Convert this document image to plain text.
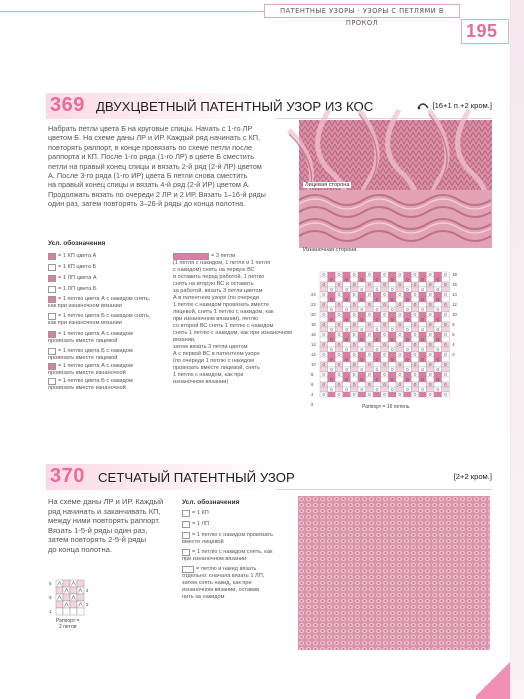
ПАТЕНТНЫЕ УЗОРЫ · УЗОРЫ С ПЕТЛЯМИ В ПРОКОЛ	195
369 ДВУХЦВЕТНЫЙ ПАТЕНТНЫЙ УЗОР ИЗ КОС	[16+1 п.+2 кром.]
Набрать петли цвета Б на круговые спицы. Начать с 1-го ЛР
цветом Б. На схеме даны ЛР и ИР. Каждый ряд начинать с КП,
повторять раппорт, в конце провязать по схеме петли после
раппорта и КП. После 1-го ряда (1-го ЛР) в цвете Б сместить
петли на правый конец спицы и вязать 2-й ряд (2-й ЛР) цветом
А. После 3-го ряда (1-го ИР) цвета Б петли снова сместить
на правый конец спицы и вязать 4-й ряд (2-й ИР) цветом А.
Продолжать вязать по очереди 2 ЛР и 2 ИР. Вязать 1–16-й ряды
один раз, затем повторять 3–26-й ряды до конца полотна.
Лицевая сторона
Изнаночная сторона
Усл. обозначения
= 1 КП цвета А
= 1 КП цвета Б
= 1 ЛП цвета А
= 1 ЛП цвета Б
= 1 петлю цвета А с накидом снять,
как при изнаночном вязании
= 1 петлю цвета Б с накидом снять,
как при изнаночном вязании
= 1 петлю цвета А с накидом
провязать вместе лицевой
= 1 петлю цвета Б с накидом
провязать вместе лицевой
= 1 петлю цвета А с накидом
провязать вместе изнаночной
= 1 петлю цвета Б с накидом
провязать вместе изнаночной
= 3 петли
(1 петля с накидом, 1 петля и 1 петля
с накидом) снять на первую ВС
и оставить перед работой, 1 петлю
снять на вторую ВС и оставить
за работой, вязать 3 петли цветом
А в патентном узоре (по очереди
1 петлю с накидом провязать вместе
лицевой, снять 1 петлю с накидом, как
при изнаночном вязании), петлю
со второй ВС снять 1 петлю с накидом
снять 1 петлю с накидом, как при изнаночном вязании,
затем вязать 3 петли цветом
А с первой ВС в патентном узоре
(по очереди 1 петлю с накидом
провязать вместе лицевой, снять
1 петлю с накидом, как при
изнаночном вязании)
24
22
20
18
16
14
12
10
8
6
4
2
18
16
14
12
10
8
6
4
2
Раппорт = 16 петель
370 СЕТЧАТЫЙ ПАТЕНТНЫЙ УЗОР	[2+2 кром.]
На схеме даны ЛР и ИР. Каждый
ряд начинать и заканчивать КП,
между ними повторять раппорт.
Вязать 1-5-й ряды один раз,
затем повторять 2-5-й ряды
до конца полотна.
Усл. обозначения
= 1 КП
= 1 ЛП
= 1 петлю с накидом провязать
вместе лицевой
= 1 петлю с накидом снять, как
при изнаночном вязании
= петлю и накид вязать
отдельно: сначала вязать 1 ЛП,
затем снять накид, как при
изнаночном вязании, оставив
нить за накидом
5
4
3
2
1
Раппорт =
2 петли
